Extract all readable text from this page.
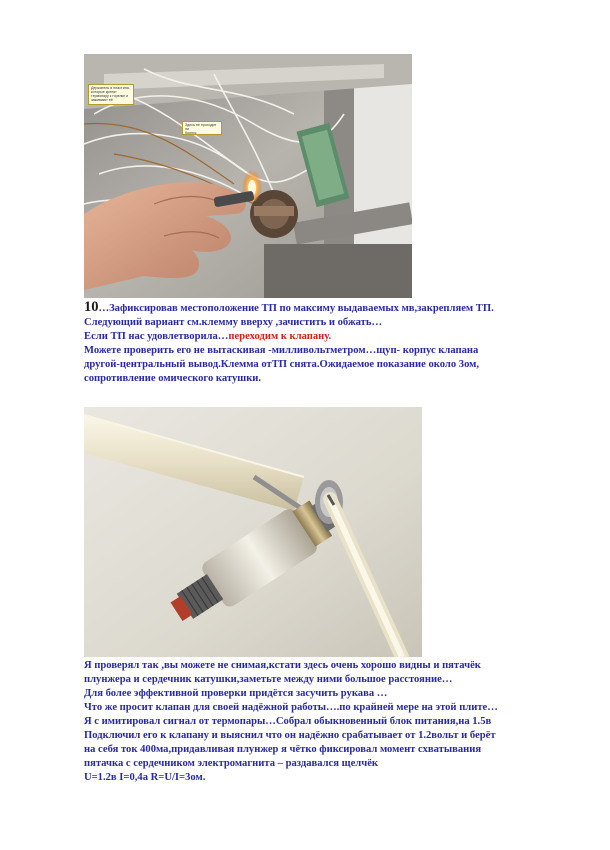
Держатель и пластина, которые крепят
термопару к горелке и
зажимают её
Здесь не проходит ли
Корпус
10…Зафиксировав местоположение ТП по максиму выдаваемых мв,закрепляем ТП.
Следующий вариант см.клемму вверху ,зачистить и обжать…
Если ТП нас удовлетворила…переходим к клапану.
Можете проверить его не вытаскивая -милливольтметром…щуп- корпус клапана
другой-центральный вывод.Клемма отТП снята.Ожидаемое показание около 3ом,
сопротивление омического катушки.
Я проверял так ,вы можете не снимая,кстати здесь очень хорошо видны и пятачёк
плунжера и сердечник катушки,заметьте между ними большое расстояние…
Для более эффективной проверки придётся засучить рукава …
Что же просит клапан для своей надёжной работы….по крайней мере на этой плите…
Я с имитировал сигнал от термопары…Собрал обыкновенный блок питания,на 1.5в
Подключил его к клапану и выяснил что он надёжно срабатывает от 1.2вольт и берёт
на себя ток 400ма,придавливая плунжер я чётко фиксировал момент схватывания
пятачка с сердечником электромагнита – раздавался щелчёк
U=1.2в I=0,4а R=U/I=3ом.
